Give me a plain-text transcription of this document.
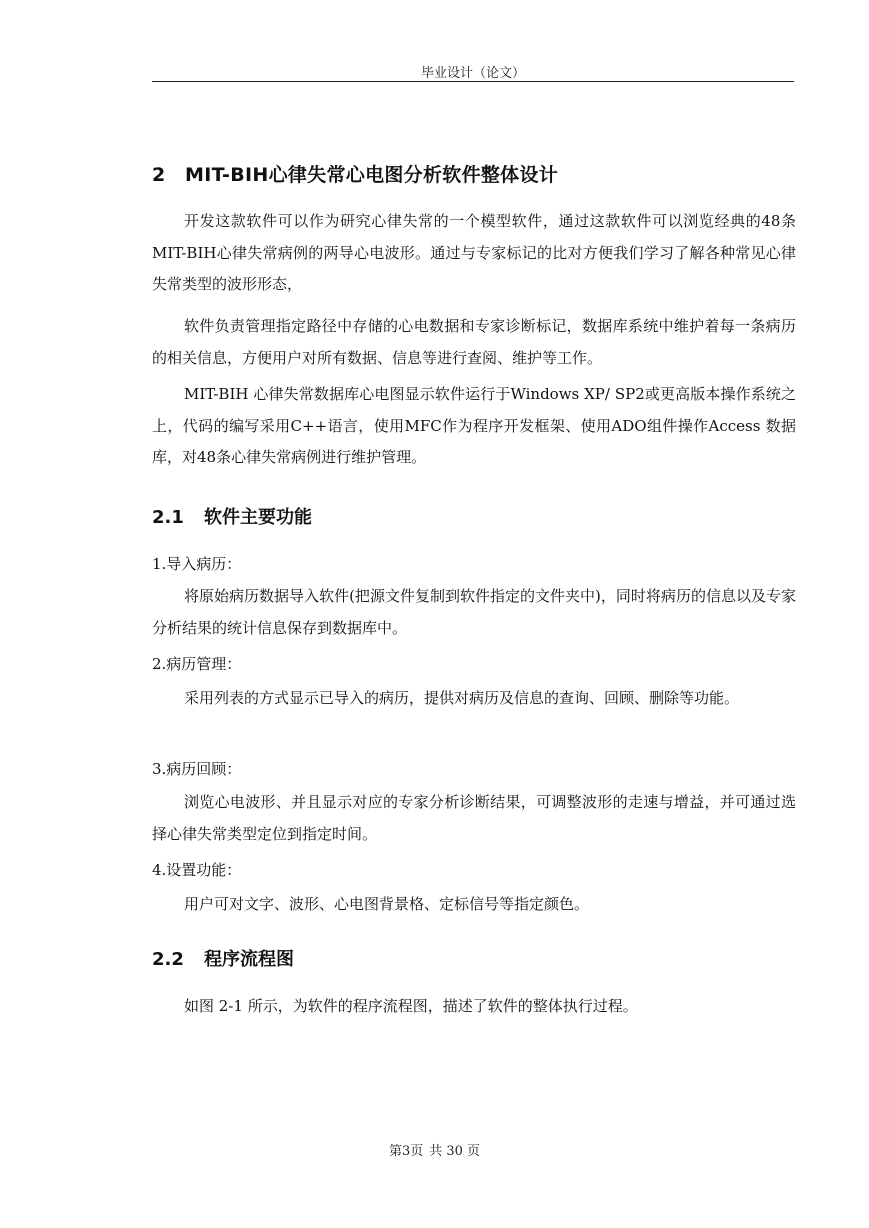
毕业设计（论文）
2 MIT-BIH心律失常心电图分析软件整体设计
开发这款软件可以作为研究心律失常的一个模型软件，通过这款软件可以浏览经典的48条MIT-BIH心律失常病例的两导心电波形。通过与专家标记的比对方便我们学习了解各种常见心律失常类型的波形形态，
软件负责管理指定路径中存储的心电数据和专家诊断标记，数据库系统中维护着每一条病历的相关信息，方便用户对所有数据、信息等进行查阅、维护等工作。
MIT-BIH 心律失常数据库心电图显示软件运行于Windows XP/ SP2或更高版本操作系统之上，代码的编写采用C++语言，使用MFC作为程序开发框架、使用ADO组件操作Access 数据库，对48条心律失常病例进行维护管理。
2.1 软件主要功能
1.导入病历：
将原始病历数据导入软件(把源文件复制到软件指定的文件夹中)，同时将病历的信息以及专家分析结果的统计信息保存到数据库中。
2.病历管理：
采用列表的方式显示已导入的病历，提供对病历及信息的查询、回顾、删除等功能。
3.病历回顾：
浏览心电波形、并且显示对应的专家分析诊断结果，可调整波形的走速与增益，并可通过选择心律失常类型定位到指定时间。
4.设置功能：
用户可对文字、波形、心电图背景格、定标信号等指定颜色。
2.2 程序流程图
如图 2-1 所示，为软件的程序流程图，描述了软件的整体执行过程。
第3页 共 30 页
